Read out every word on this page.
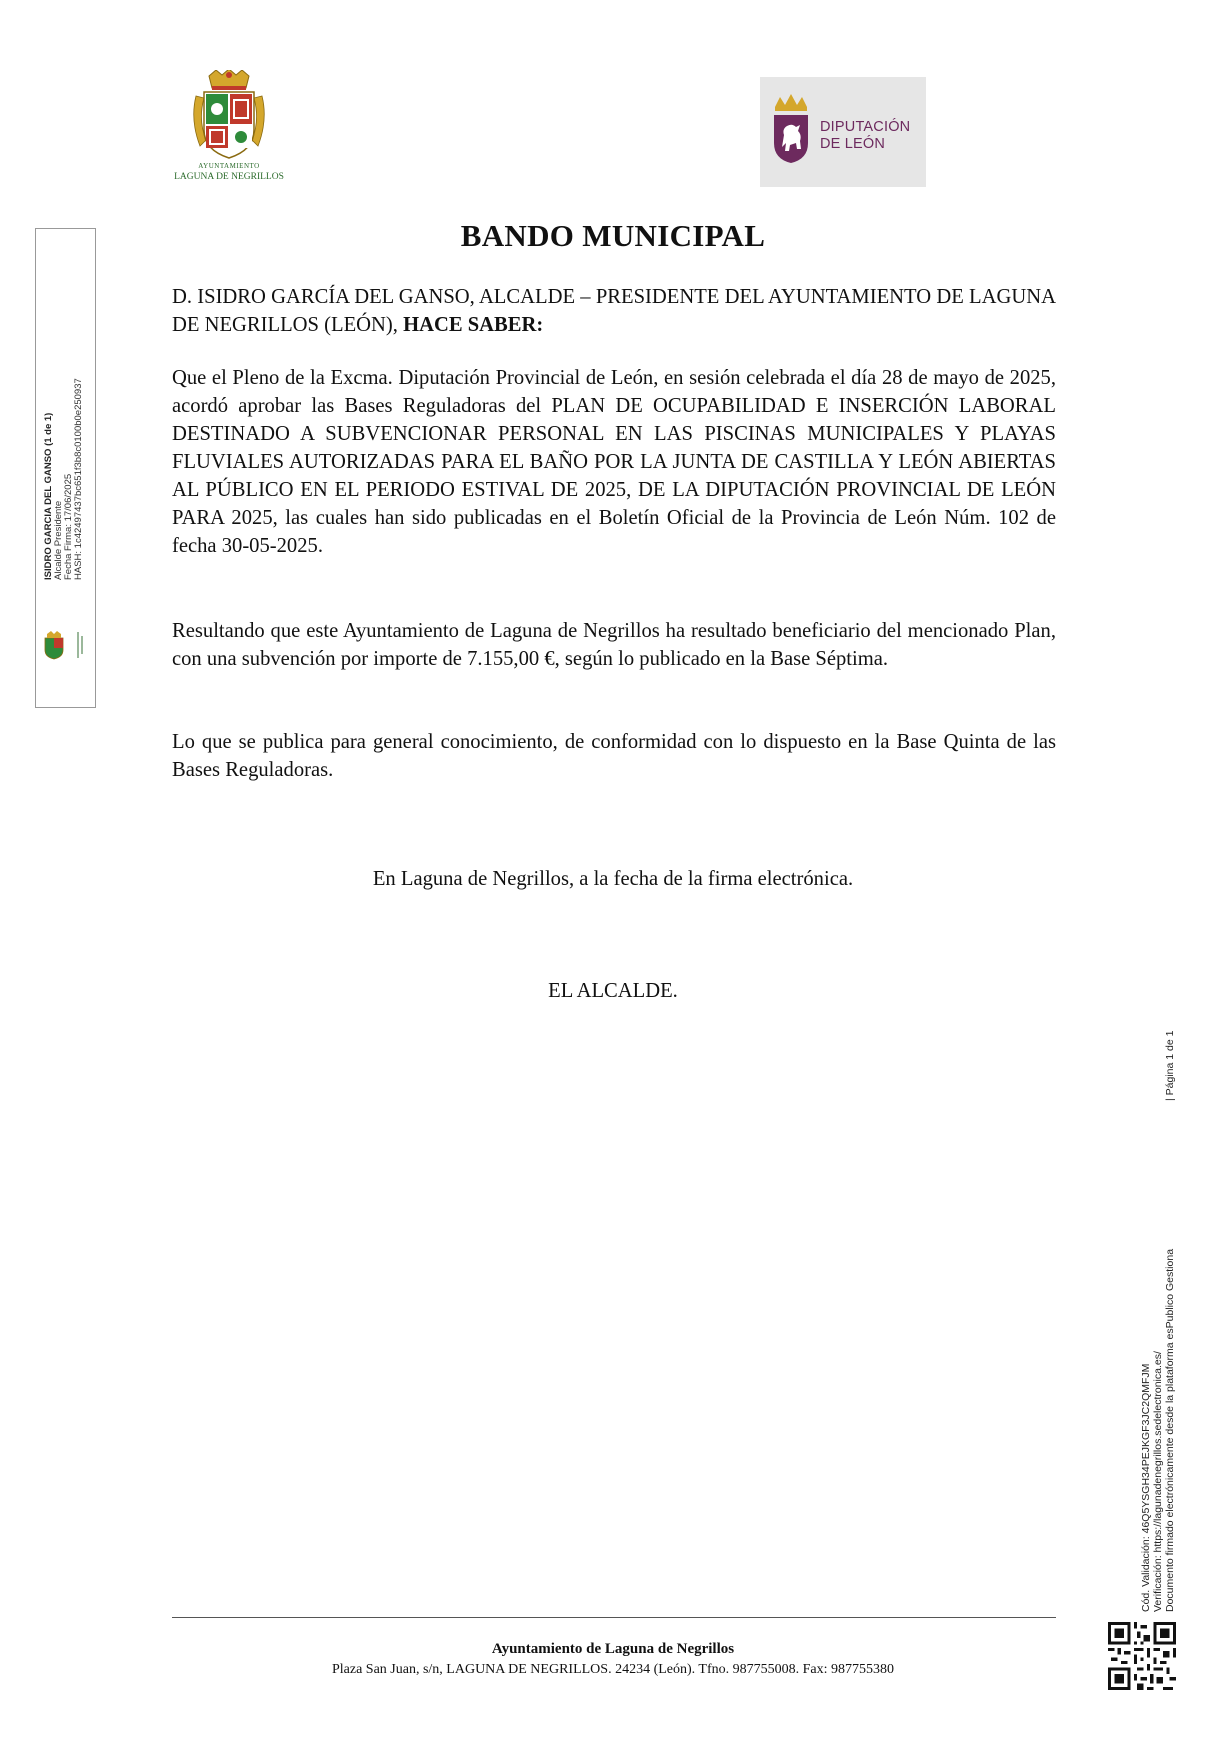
AYUNTAMIENTO
LAGUNA DE NEGRILLOS
DIPUTACIÓN
DE LEÓN
ISIDRO GARCIA DEL GANSO (1 de 1) Alcalde Presidente Fecha Firma: 17/06/2025 HASH: 1c42497437bc651f3b8c0100b0e250937
BANDO MUNICIPAL

D. ISIDRO GARCÍA DEL GANSO, ALCALDE – PRESIDENTE DEL AYUNTAMIENTO DE LAGUNA DE NEGRILLOS (LEÓN), HACE SABER:

Que el Pleno de la Excma. Diputación Provincial de León, en sesión celebrada el día 28 de mayo de 2025, acordó aprobar las Bases Reguladoras del PLAN DE OCUPABILIDAD E INSERCIÓN LABORAL DESTINADO A SUBVENCIONAR PERSONAL EN LAS PISCINAS MUNICIPALES Y PLAYAS FLUVIALES AUTORIZADAS PARA EL BAÑO POR LA JUNTA DE CASTILLA Y LEÓN ABIERTAS AL PÚBLICO EN EL PERIODO ESTIVAL DE 2025, DE LA DIPUTACIÓN PROVINCIAL DE LEÓN PARA 2025, las cuales han sido publicadas en el Boletín Oficial de la Provincia de León Núm. 102 de fecha 30-05-2025.

Resultando que este Ayuntamiento de Laguna de Negrillos ha resultado beneficiario del mencionado Plan, con una subvención por importe de 7.155,00 €, según lo publicado en la Base Séptima.

Lo que se publica para general conocimiento, de conformidad con lo dispuesto en la Base Quinta de las Bases Reguladoras.

En Laguna de Negrillos, a la fecha de la firma electrónica.
EL ALCALDE.
Cód. Validación: 46Q5YSGH34PEJKGF3JC2QMFJM Verificación: https://lagunadenegrillos.sedelectronica.es/ Documento firmado electrónicamente desde la plataforma esPublico Gestiona
| Página 1 de 1
Ayuntamiento de Laguna de Negrillos
Plaza San Juan, s/n, LAGUNA DE NEGRILLOS. 24234 (León). Tfno. 987755008. Fax: 987755380
